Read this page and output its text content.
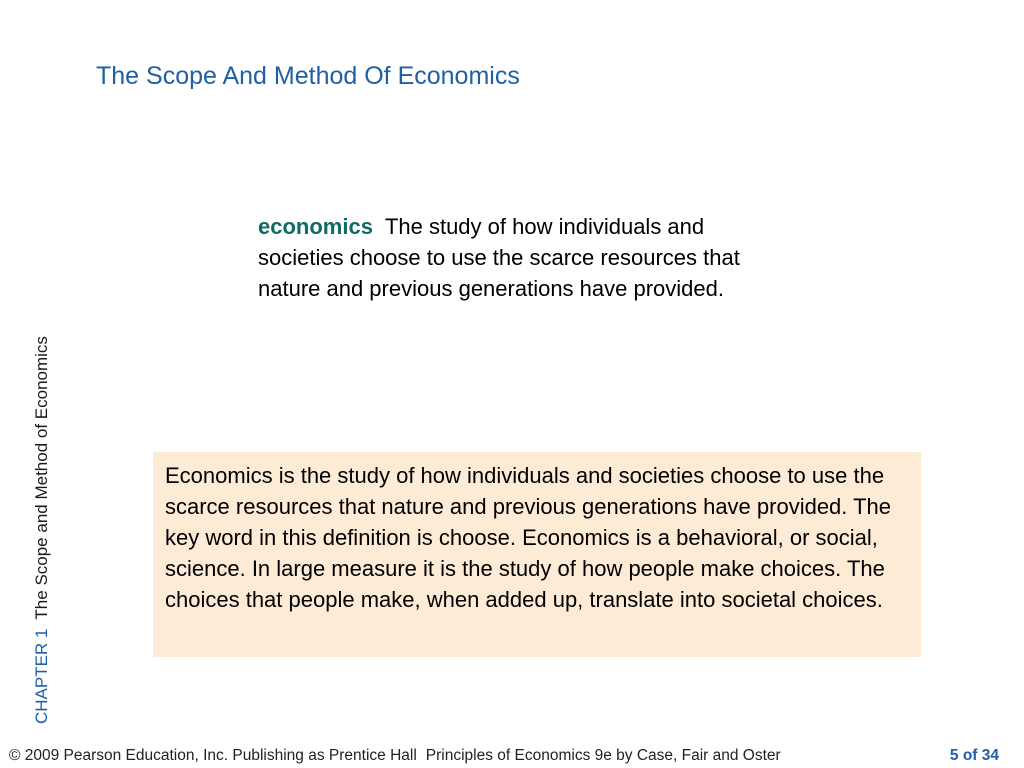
The Scope And Method Of Economics
CHAPTER 1The Scope and Method of Economics

economics The study of how individuals and societies choose to use the scarce resources that nature and previous generations have provided.

Economics is the study of how individuals and societies choose to use the scarce resources that nature and previous generations have provided. The key word in this definition is choose. Economics is a behavioral, or social, science. In large measure it is the study of how people make choices. The choices that people make, when added up, translate into societal choices.
© 2009 Pearson Education, Inc. Publishing as Prentice Hall Principles of Economics 9e by Case, Fair and Oster	5 of 34
